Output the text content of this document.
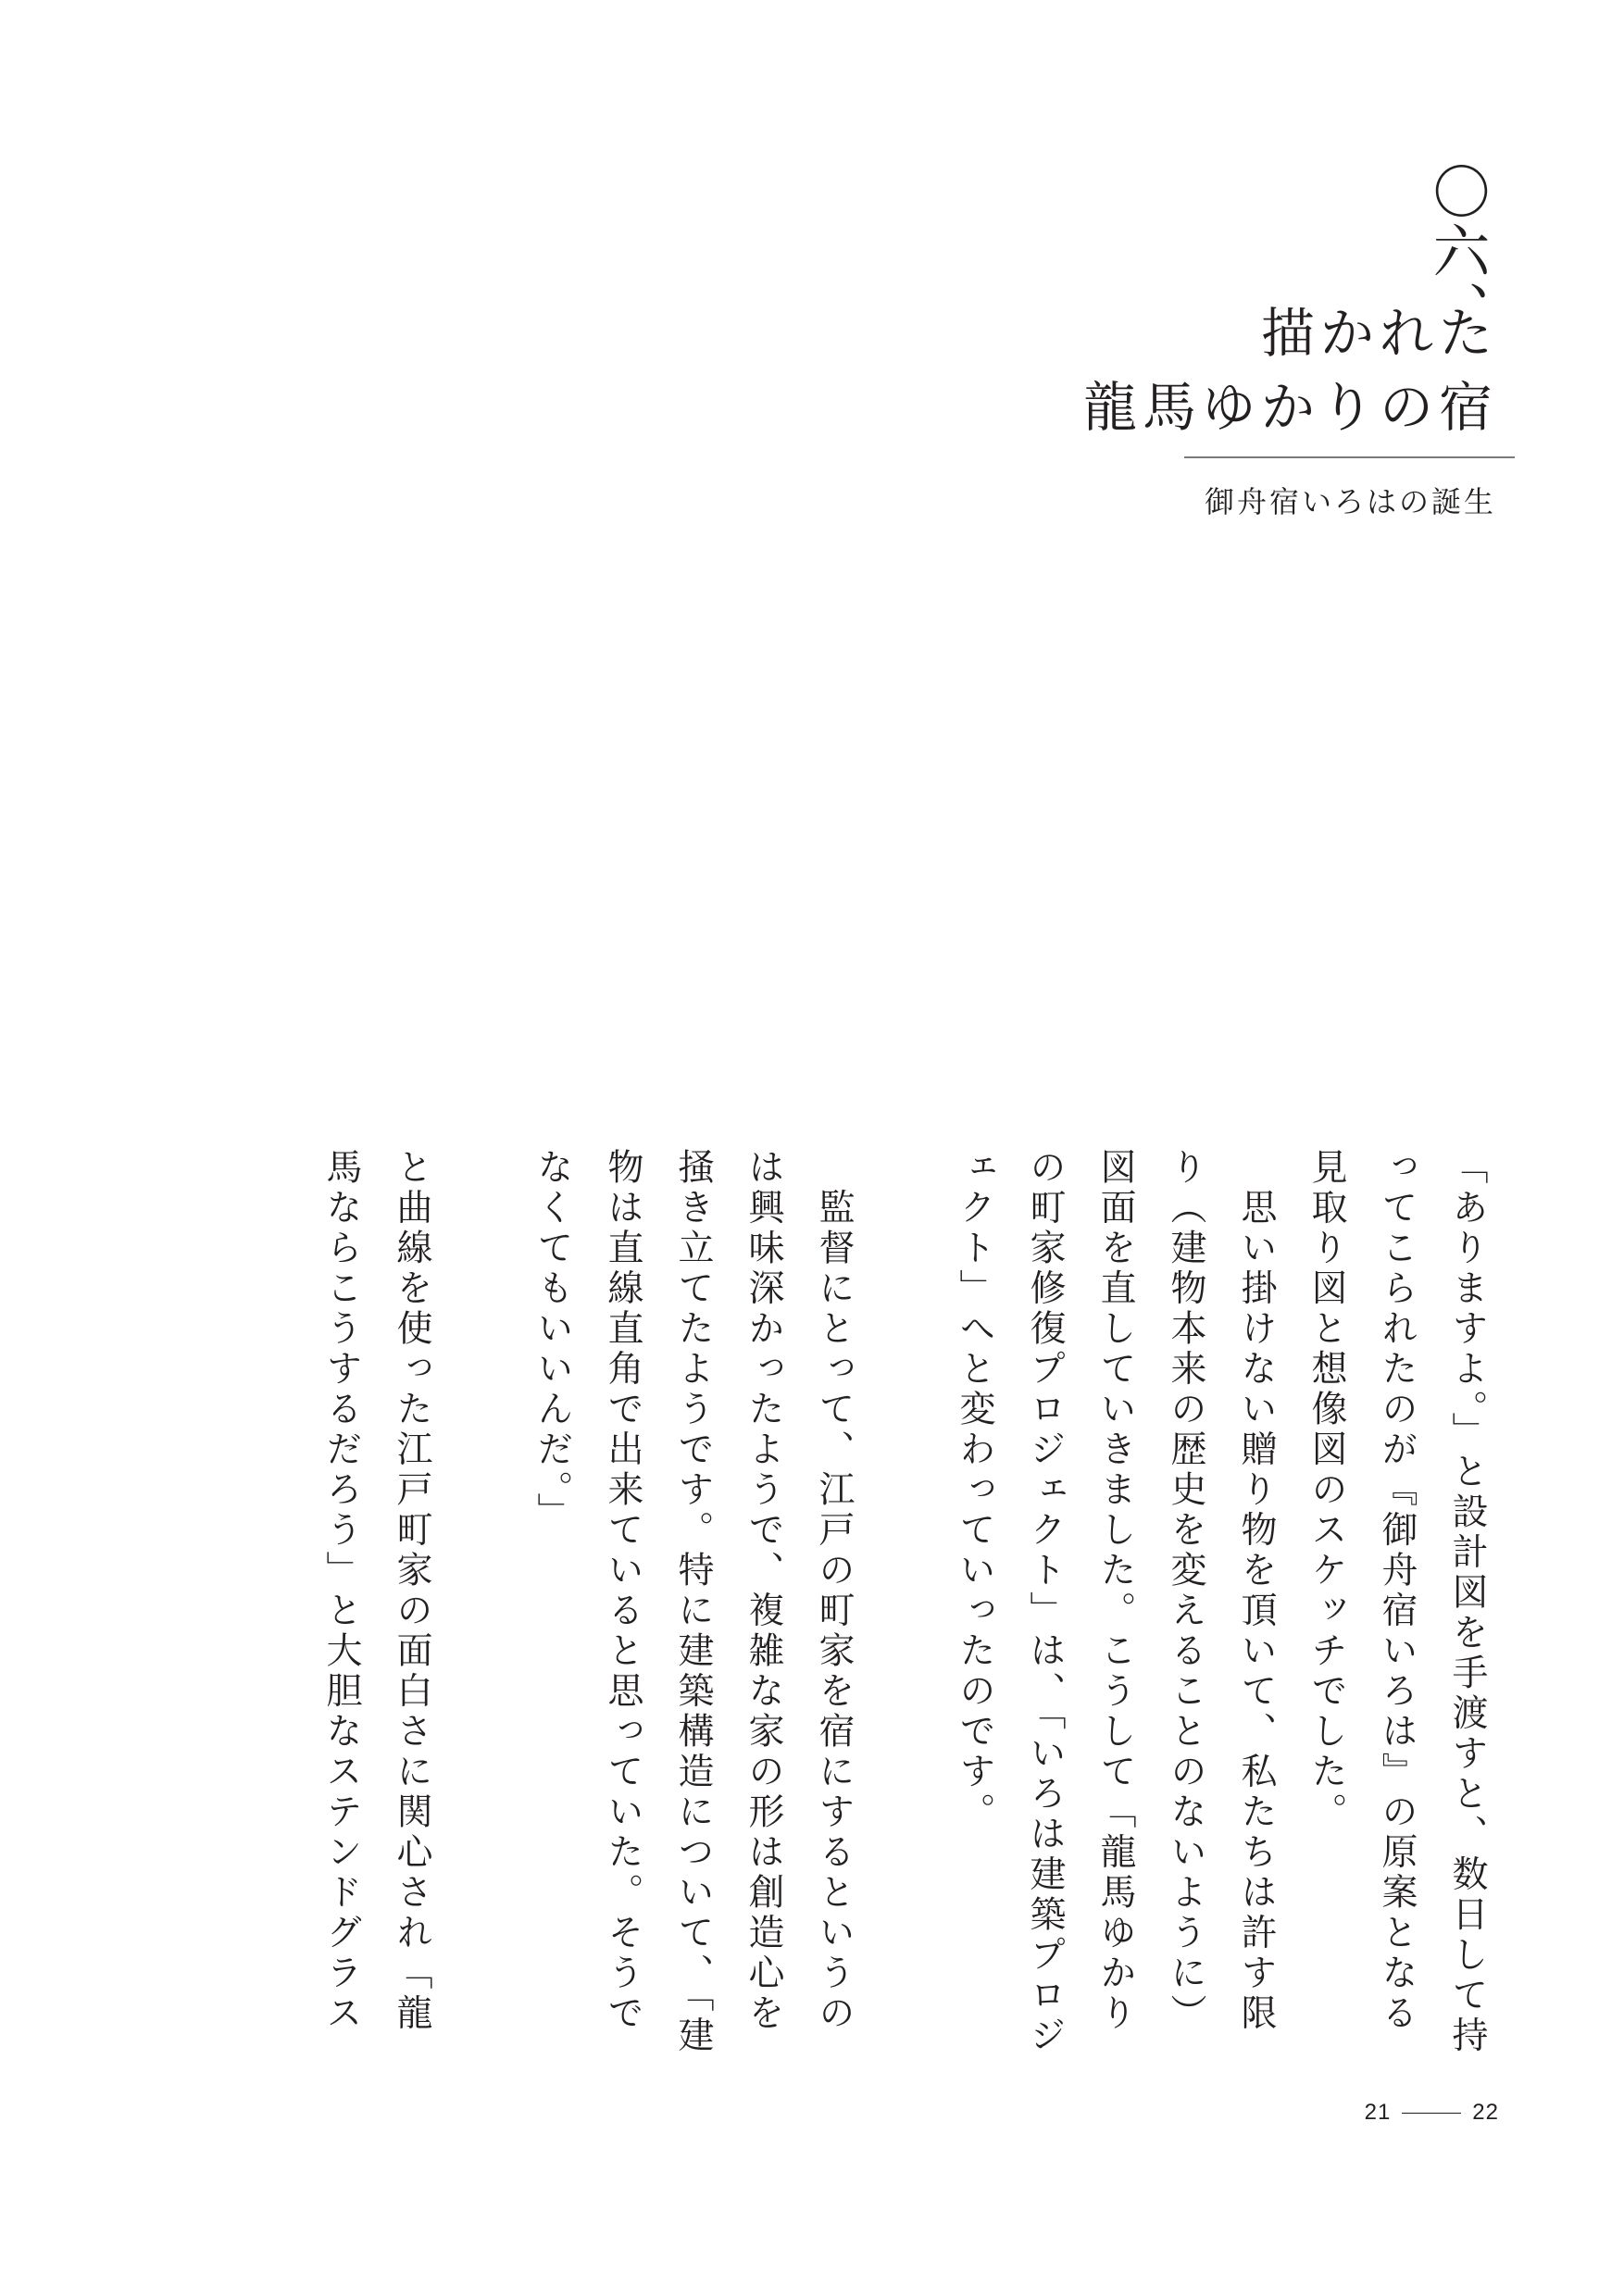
〇六、
描かれた
龍馬ゆかりの宿
御舟宿いろはの誕生

「ありますよ。」と設計図を手渡すと、数日して持ってこられたのが『御舟宿いろは』の原案となる見取り図と想像図のスケッチでした。

　思い掛けない贈り物を頂いて、私たちは許す限り（建物本来の歴史を変えることのないように）図面を直していきました。こうして「龍馬ゆかりの町家修復プロジェクト」は、「いろは建築プロジェクト」へと変わっていったのです。

　監督にとって、江戸の町家を宿にするというのは興味深かったようで、複雑な家の形は創造心を掻き立てたようです。特に建築構造について、「建物は直線直角で出来ていると思っていた。そうでなくてもいいんだ。」

と曲線を使った江戸町家の面白さに関心され「龍馬ならこうするだろう」と大胆なステンドグラス

21	22
